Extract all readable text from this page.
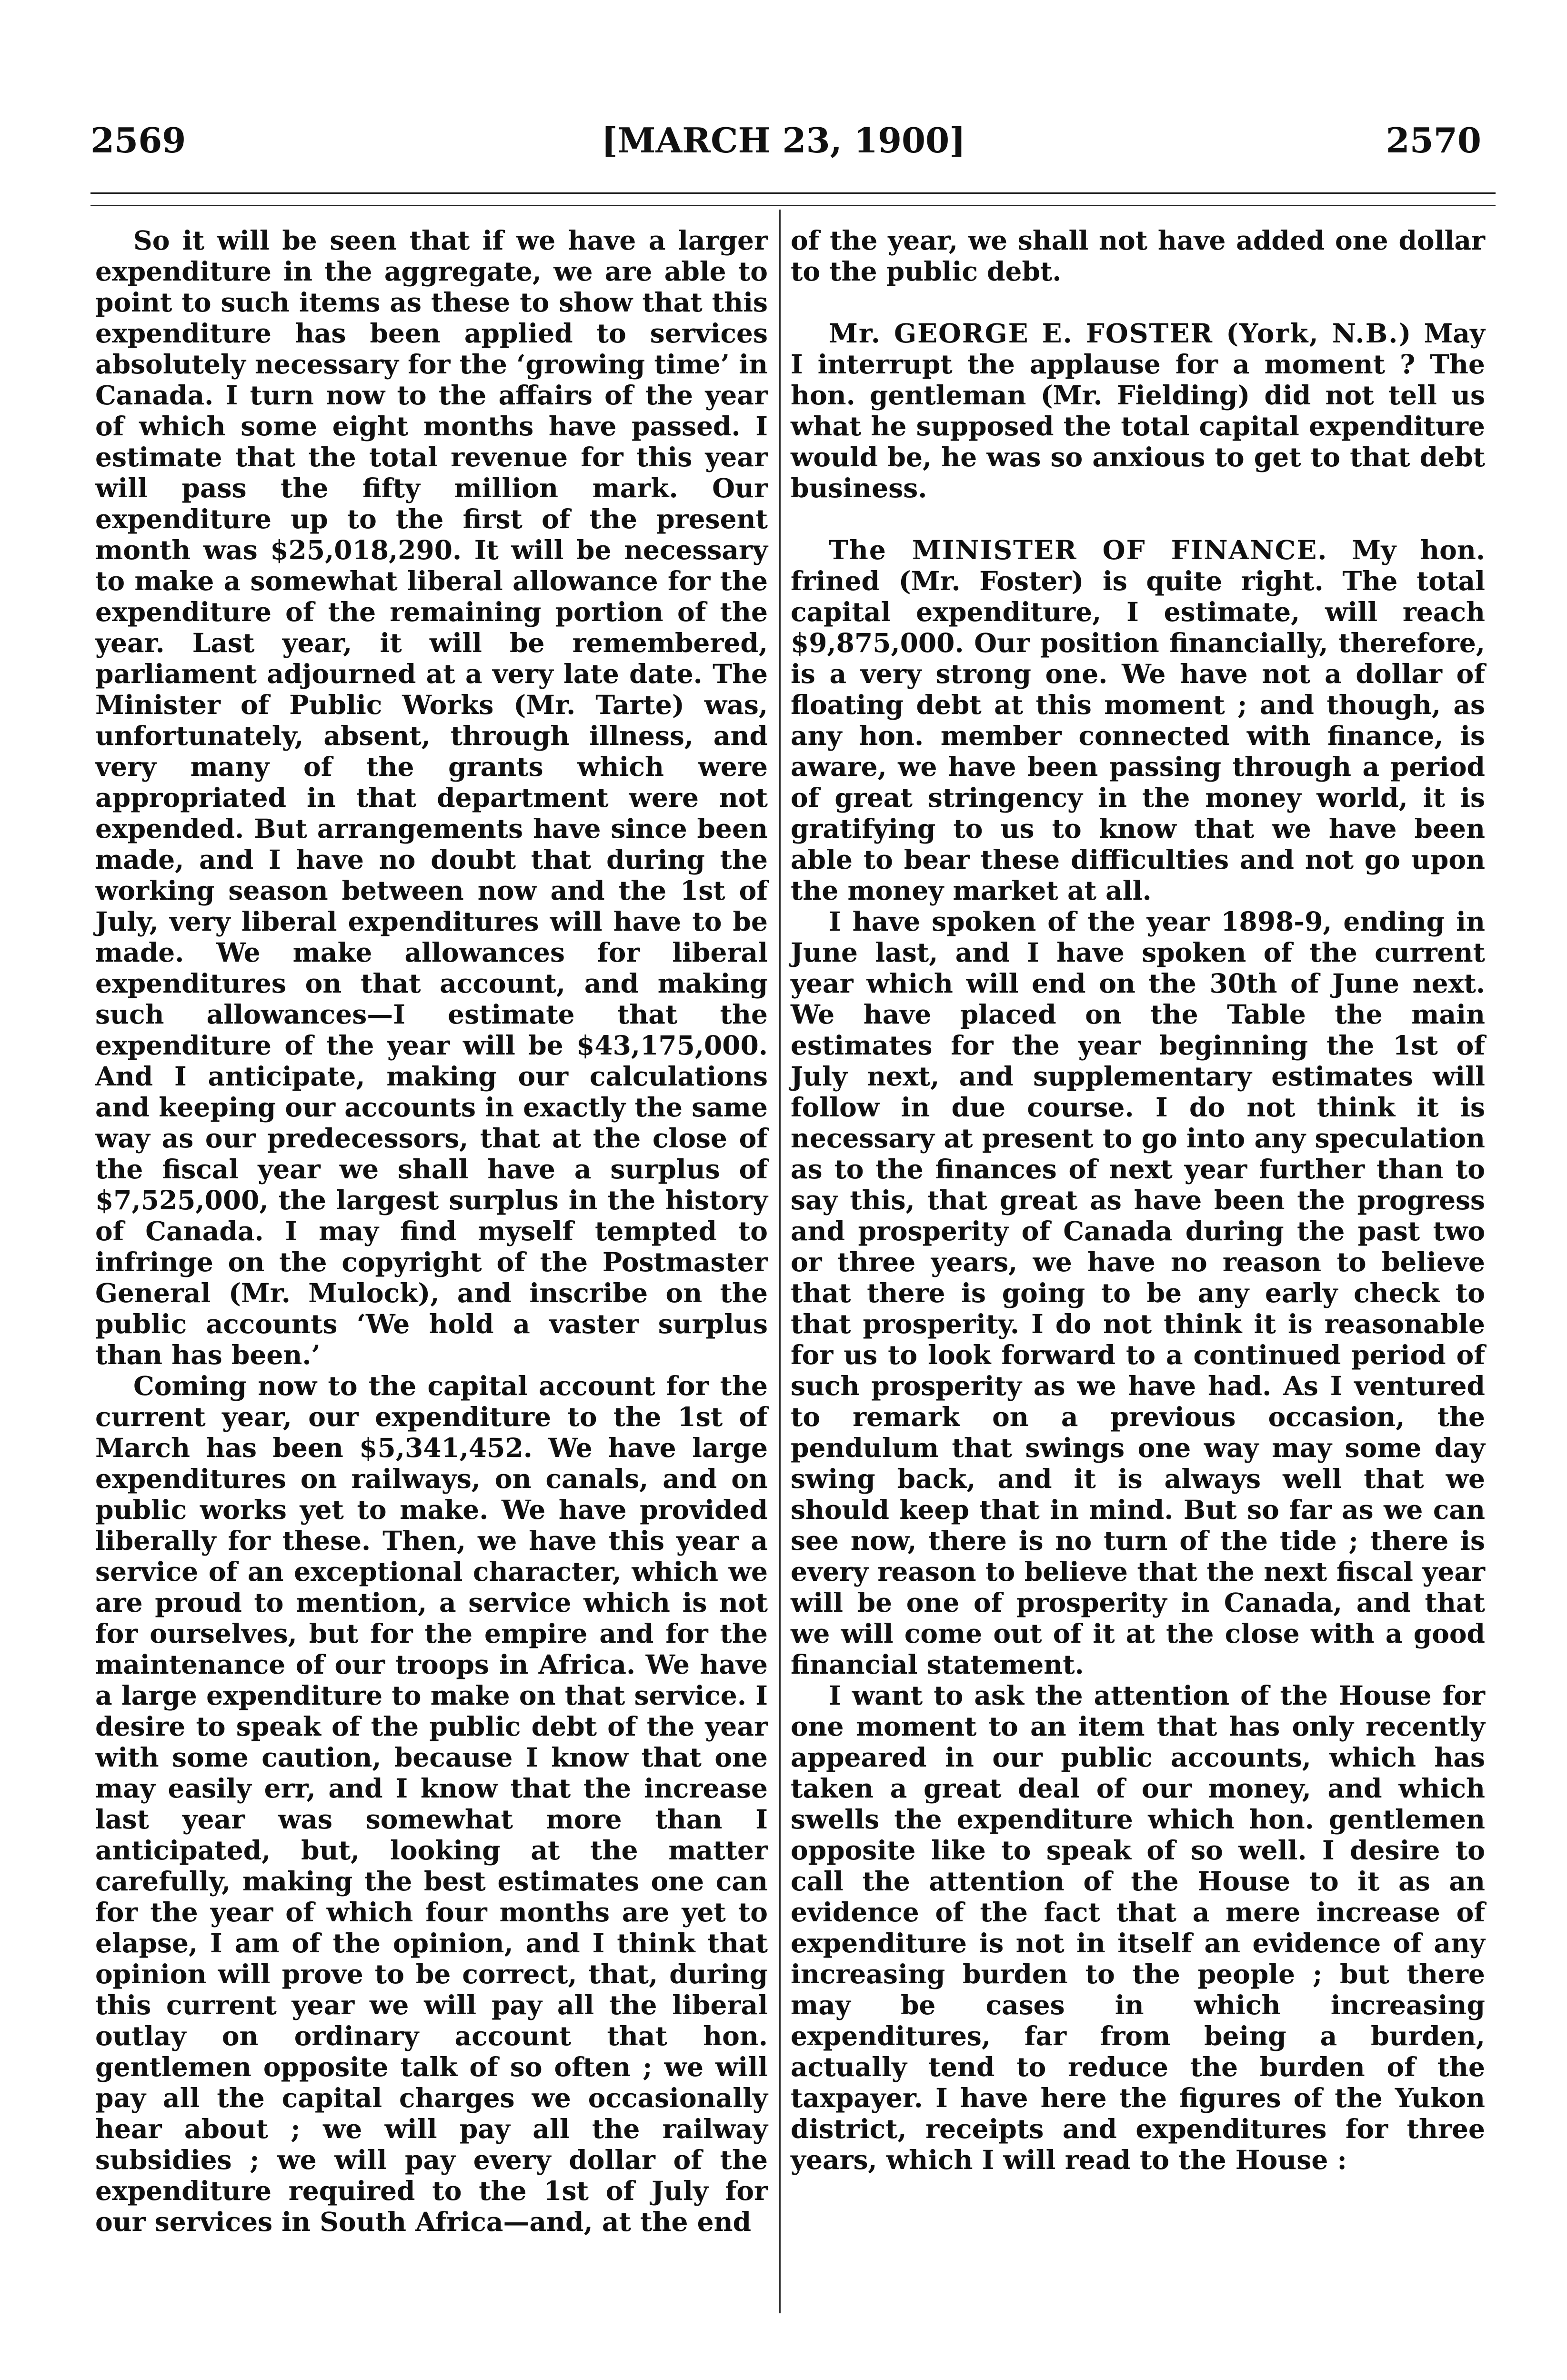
2569	[MARCH 23, 1900]	2570

So it will be seen that if we have a larger expenditure in the aggregate, we are able to point to such items as these to show that this expenditure has been applied to services absolutely necessary for the ‘growing time’ in Canada. I turn now to the affairs of the year of which some eight months have passed. I estimate that the total revenue for this year will pass the fifty million mark. Our expenditure up to the first of the present month was $25,018,290. It will be necessary to make a somewhat liberal allowance for the expenditure of the remaining portion of the year. Last year, it will be remembered, parliament adjourned at a very late date. The Minister of Public Works (Mr. Tarte) was, unfortunately, absent, through illness, and very many of the grants which were appropriated in that department were not expended. But arrangements have since been made, and I have no doubt that during the working season between now and the 1st of July, very liberal expenditures will have to be made. We make allowances for liberal expenditures on that account, and making such allowances—I estimate that the expenditure of the year will be $43,175,000. And I anticipate, making our calculations and keeping our accounts in exactly the same way as our predecessors, that at the close of the fiscal year we shall have a surplus of $7,525,000, the largest surplus in the history of Canada. I may find myself tempted to infringe on the copyright of the Postmaster General (Mr. Mulock), and inscribe on the public accounts ‘We hold a vaster surplus than has been.’

Coming now to the capital account for the current year, our expenditure to the 1st of March has been $5,341,452. We have large expenditures on railways, on canals, and on public works yet to make. We have provided liberally for these. Then, we have this year a service of an exceptional character, which we are proud to mention, a service which is not for ourselves, but for the empire and for the maintenance of our troops in Africa. We have a large expenditure to make on that service. I desire to speak of the public debt of the year with some caution, because I know that one may easily err, and I know that the increase last year was somewhat more than I anticipated, but, looking at the matter carefully, making the best estimates one can for the year of which four months are yet to elapse, I am of the opinion, and I think that opinion will prove to be correct, that, during this current year we will pay all the liberal outlay on ordinary account that hon. gentlemen opposite talk of so often ; we will pay all the capital charges we occasionally hear about ; we will pay all the railway subsidies ; we will pay every dollar of the expenditure required to the 1st of July for our services in South Africa—and, at the end

of the year, we shall not have added one dollar to the public debt.

Mr. GEORGE E. FOSTER (York, N.B.) May I interrupt the applause for a moment ? The hon. gentleman (Mr. Fielding) did not tell us what he supposed the total capital expenditure would be, he was so anxious to get to that debt business.

The MINISTER OF FINANCE. My hon. frined (Mr. Foster) is quite right. The total capital expenditure, I estimate, will reach $9,875,000. Our position financially, therefore, is a very strong one. We have not a dollar of floating debt at this moment ; and though, as any hon. member connected with finance, is aware, we have been passing through a period of great stringency in the money world, it is gratifying to us to know that we have been able to bear these difficulties and not go upon the money market at all.

I have spoken of the year 1898-9, ending in June last, and I have spoken of the current year which will end on the 30th of June next. We have placed on the Table the main estimates for the year beginning the 1st of July next, and supplementary estimates will follow in due course. I do not think it is necessary at present to go into any speculation as to the finances of next year further than to say this, that great as have been the progress and prosperity of Canada during the past two or three years, we have no reason to believe that there is going to be any early check to that prosperity. I do not think it is reasonable for us to look forward to a continued period of such prosperity as we have had. As I ventured to remark on a previous occasion, the pendulum that swings one way may some day swing back, and it is always well that we should keep that in mind. But so far as we can see now, there is no turn of the tide ; there is every reason to believe that the next fiscal year will be one of prosperity in Canada, and that we will come out of it at the close with a good financial statement.

I want to ask the attention of the House for one moment to an item that has only recently appeared in our public accounts, which has taken a great deal of our money, and which swells the expenditure which hon. gentlemen opposite like to speak of so well. I desire to call the attention of the House to it as an evidence of the fact that a mere increase of expenditure is not in itself an evidence of any increasing burden to the people ; but there may be cases in which increasing expenditures, far from being a burden, actually tend to reduce the burden of the taxpayer. I have here the figures of the Yukon district, receipts and expenditures for three years, which I will read to the House :
